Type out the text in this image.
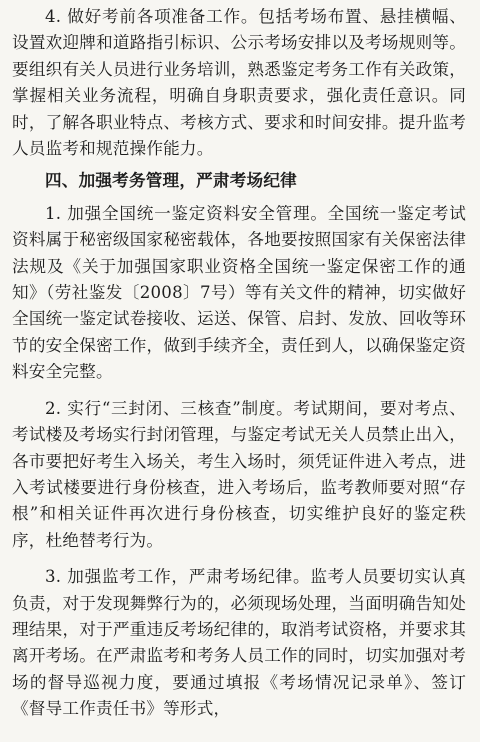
4. 做好考前各项准备工作。包括考场布置、悬挂横幅、设置欢迎牌和道路指引标识、公示考场安排以及考场规则等。要组织有关人员进行业务培训，熟悉鉴定考务工作有关政策，掌握相关业务流程，明确自身职责要求，强化责任意识。同时，了解各职业特点、考核方式、要求和时间安排。提升监考人员监考和规范操作能力。

四、加强考务管理，严肃考场纪律

1. 加强全国统一鉴定资料安全管理。全国统一鉴定考试资料属于秘密级国家秘密载体，各地要按照国家有关保密法律法规及《关于加强国家职业资格全国统一鉴定保密工作的通知》（劳社鉴发〔2008〕7号）等有关文件的精神，切实做好全国统一鉴定试卷接收、运送、保管、启封、发放、回收等环节的安全保密工作，做到手续齐全，责任到人，以确保鉴定资料安全完整。

2. 实行“三封闭、三核查”制度。考试期间，要对考点、考试楼及考场实行封闭管理，与鉴定考试无关人员禁止出入，各市要把好考生入场关，考生入场时，须凭证件进入考点，进入考试楼要进行身份核查，进入考场后，监考教师要对照“存根”和相关证件再次进行身份核查，切实维护良好的鉴定秩序，杜绝替考行为。

3. 加强监考工作，严肃考场纪律。监考人员要切实认真负责，对于发现舞弊行为的，必须现场处理，当面明确告知处理结果，对于严重违反考场纪律的，取消考试资格，并要求其离开考场。在严肃监考和考务人员工作的同时，切实加强对考场的督导巡视力度，要通过填报《考场情况记录单》、签订《督导工作责任书》等形式，
